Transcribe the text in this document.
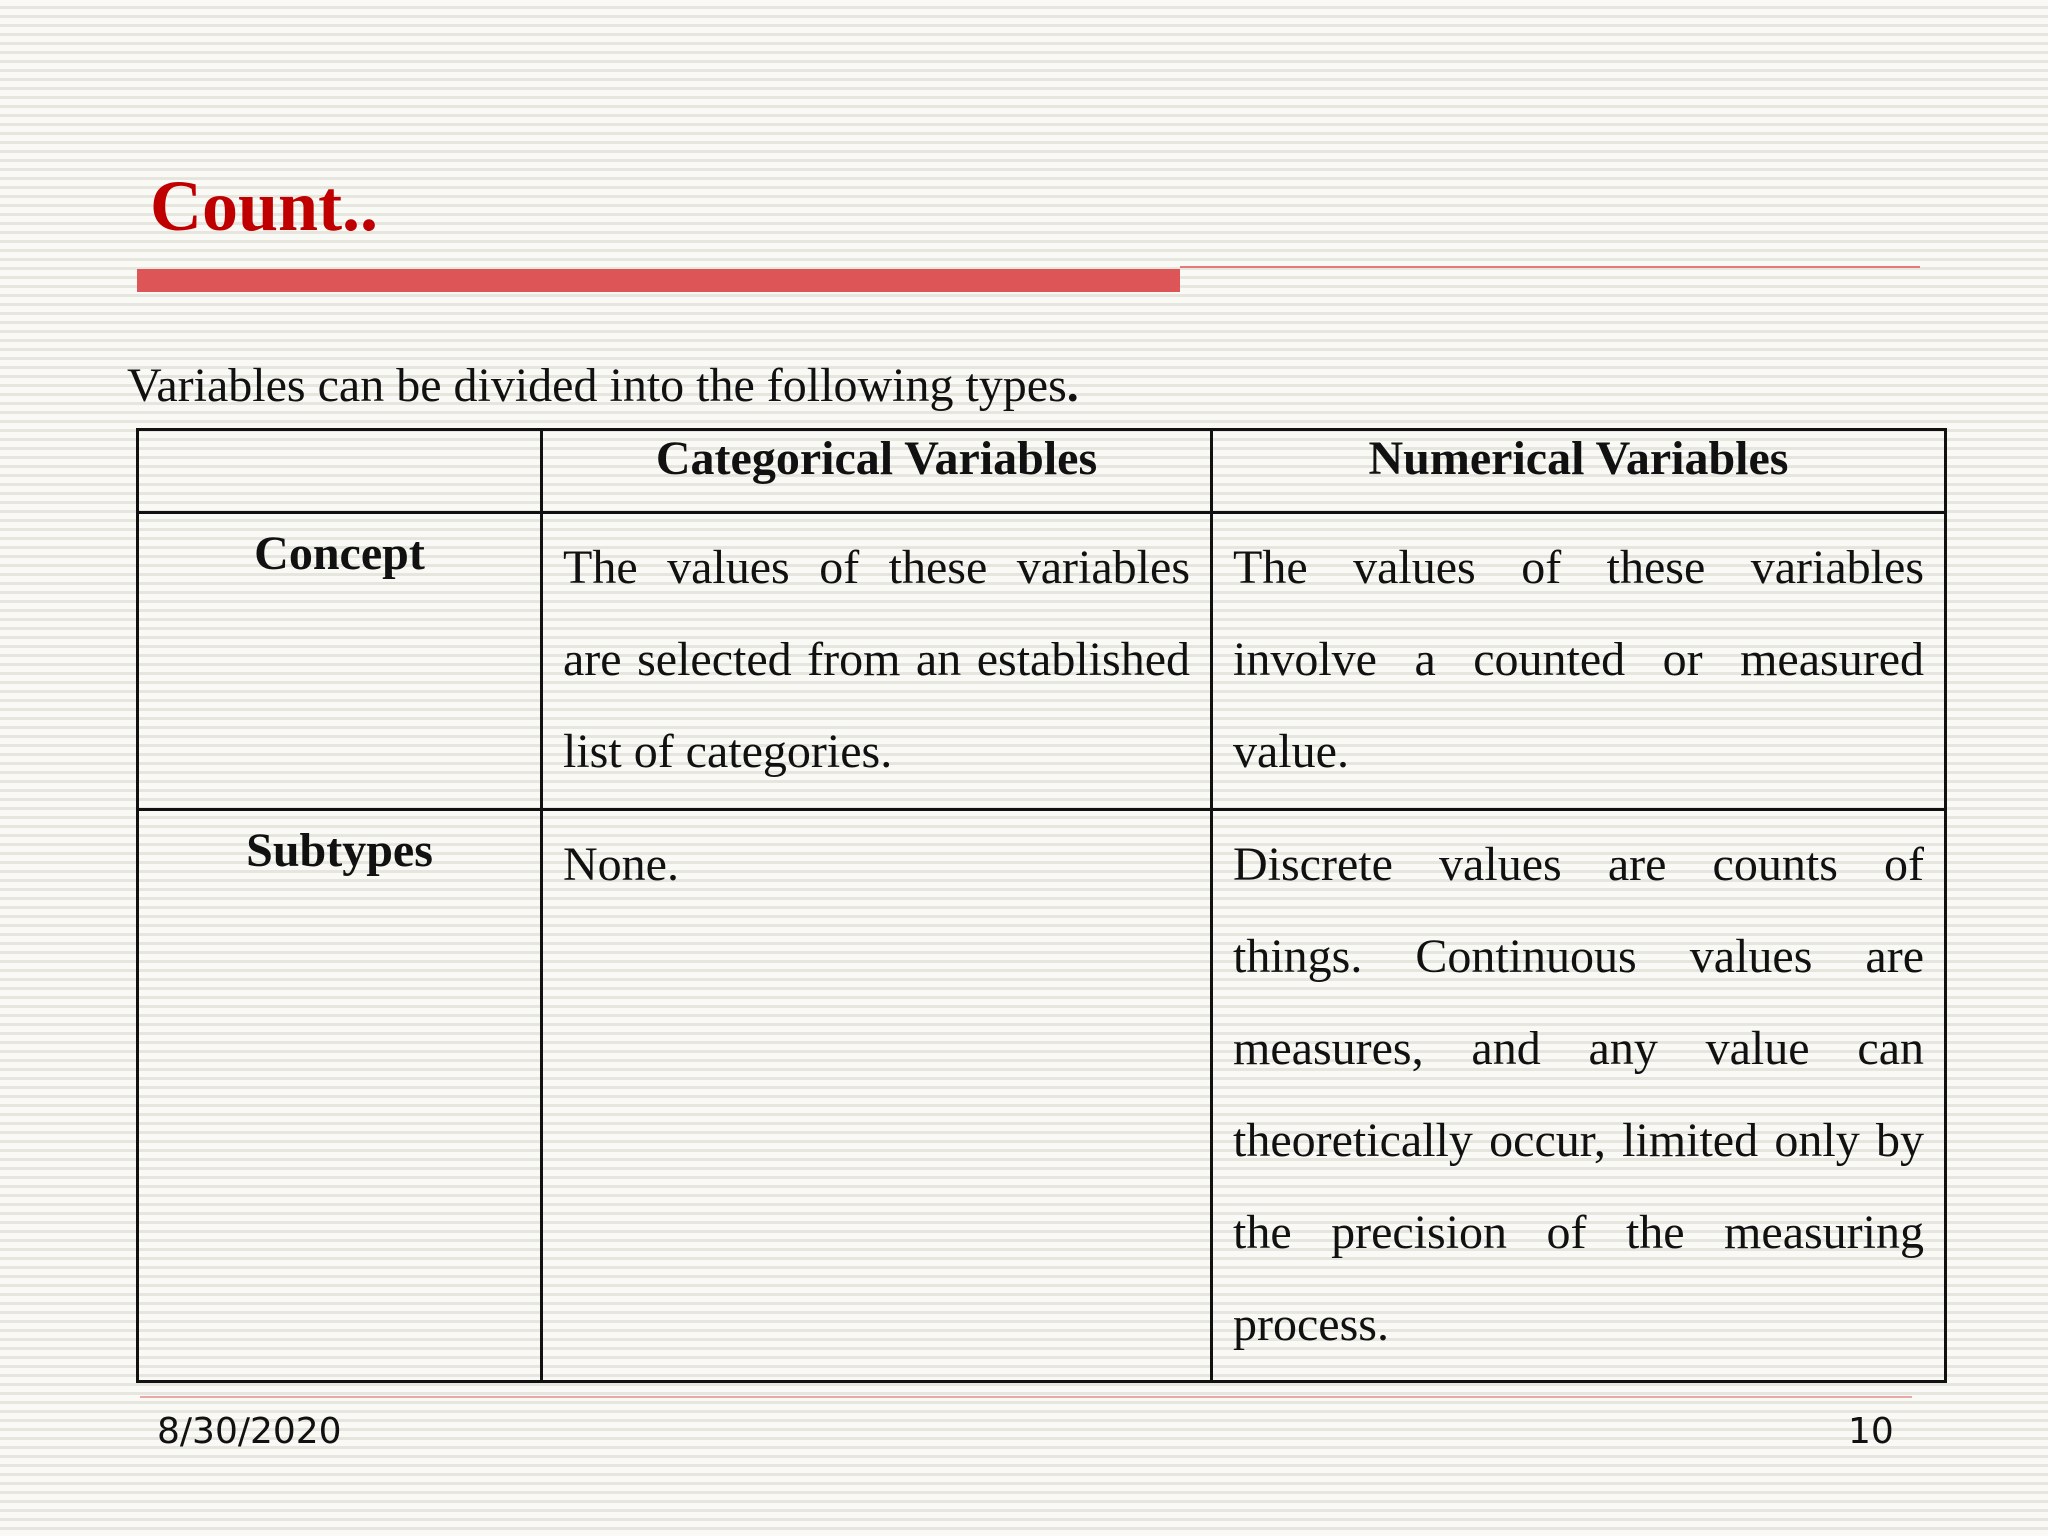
Count..
Variables can be divided into the following types.
	Categorical Variables	Numerical Variables

Concept	The values of these variables are selected from an established list of categories.	The values of these variables involve a counted or measured value.

Subtypes	None.	Discrete values are counts of things. Continuous values are measures, and any value can theoretically occur, limited only by the precision of the measuring process.
8/30/2020	10
